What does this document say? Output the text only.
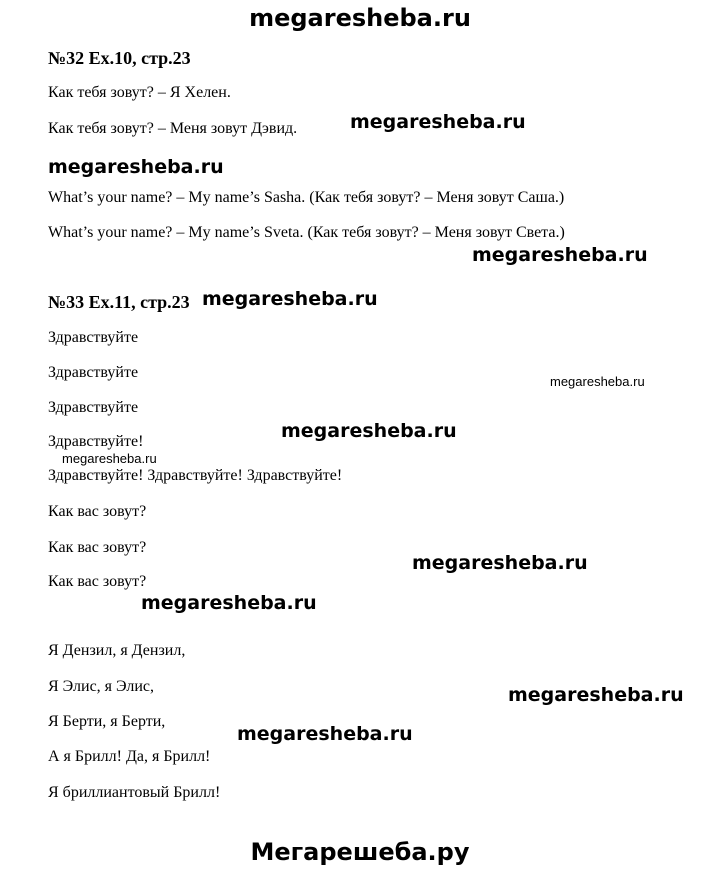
megaresheba.ru
№32 Ex.10, стр.23
Как тебя зовут? – Я Хелен.
Как тебя зовут? – Меня зовут Дэвид.
What’s your name? – My name’s Sasha. (Как тебя зовут? – Меня зовут Саша.)
What’s your name? – My name’s Sveta. (Как тебя зовут? – Меня зовут Света.)
№33 Ex.11, стр.23
Здравствуйте
Здравствуйте
Здравствуйте
Здравствуйте!
Здравствуйте! Здравствуйте! Здравствуйте!
Как вас зовут?
Как вас зовут?
Как вас зовут?
Я Дензил, я Дензил,
Я Элис, я Элис,
Я Берти, я Берти,
А я Брилл! Да, я Брилл!
Я бриллиантовый Брилл!
megaresheba.ru
megaresheba.ru
megaresheba.ru
megaresheba.ru
megaresheba.ru
megaresheba.ru
megaresheba.ru
megaresheba.ru
megaresheba.ru
megaresheba.ru
megaresheba.ru
Мегарешеба.ру
